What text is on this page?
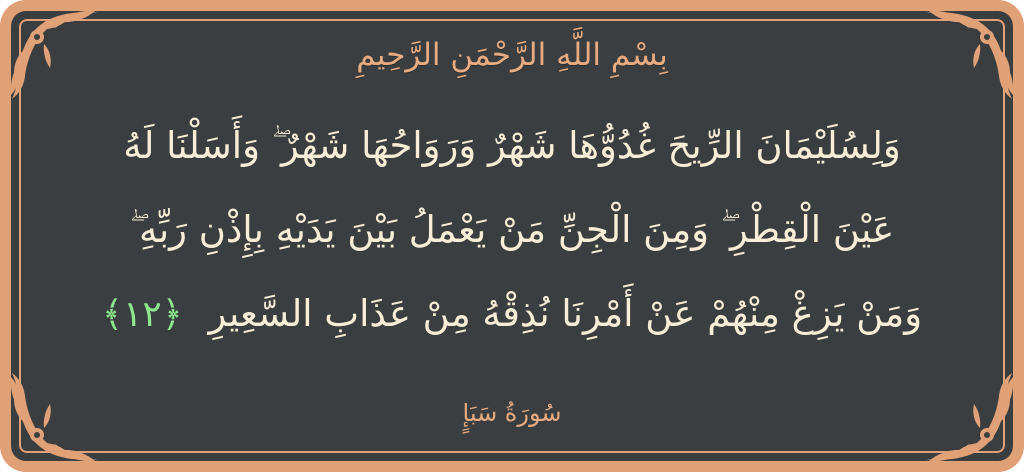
بِسْمِ اللَّهِ الرَّحْمَنِ الرَّحِيمِ
وَلِسُلَيْمَانَ الرِّيحَ غُدُوُّهَا شَهْرٌ وَرَوَاحُهَا شَهْرٌ ۖ وَأَسَلْنَا لَهُ
عَيْنَ الْقِطْرِ ۖ وَمِنَ الْجِنِّ مَنْ يَعْمَلُ بَيْنَ يَدَيْهِ بِإِذْنِ رَبِّهِ ۖ
وَمَنْ يَزِغْ مِنْهُمْ عَنْ أَمْرِنَا نُذِقْهُ مِنْ عَذَابِ السَّعِيرِ ﴿١٢﴾
سُورَةُ سَبَإٍ
